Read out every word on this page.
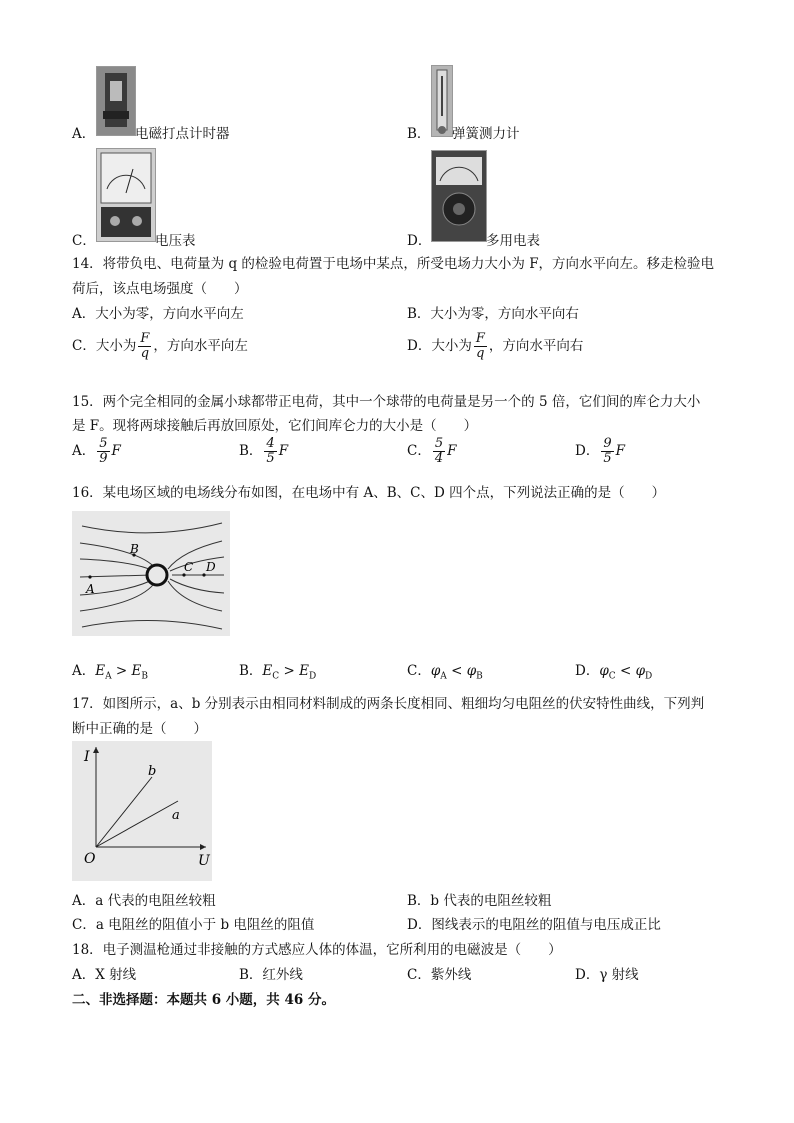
A．	电磁打点计时器	B． 弹簧测力计
C．	电压表	D．	多用电表
14．将带负电、电荷量为 q 的检验电荷置于电场中某点，所受电场力大小为 F，方向水平向左。移走检验电
荷后，该点电场强度（　　）
A．大小为零，方向水平向左	B．大小为零，方向水平向右
C．大小为 $\frac{F}{q}$ ，方向水平向左	D．大小为 $\frac{F}{q}$ ，方向水平向右
15．两个完全相同的金属小球都带正电荷，其中一个球带的电荷量是另一个的 5 倍，它们间的库仑力大小
是 F。现将两球接触后再放回原处，它们间库仑力的大小是（　　）
A． $\frac{5}{9}$ F	B． $\frac{4}{5}$ F	C． $\frac{5}{4}$ F	D． $\frac{9}{5}$ F
16．某电场区域的电场线分布如图，在电场中有 A、B、C、D 四个点，下列说法正确的是（　　）
A
B
C D
A．$E_A > E_B$	B．$E_C > E_D$	C．$\varphi_A < \varphi_B$	D．$\varphi_C < \varphi_D$
17．如图所示，a、b 分别表示由相同材料制成的两条长度相同、粗细均匀电阻丝的伏安特性曲线，下列判
断中正确的是（　　）
I
U
O
b
a
A．a 代表的电阻丝较粗	B．b 代表的电阻丝较粗
C．a 电阻丝的阻值小于 b 电阻丝的阻值	D．图线表示的电阻丝的阻值与电压成正比
18．电子测温枪通过非接触的方式感应人体的体温，它所利用的电磁波是（　　）
A．X 射线	B．红外线	C．紫外线	D．γ 射线
二、非选择题：本题共 6 小题，共 46 分。
